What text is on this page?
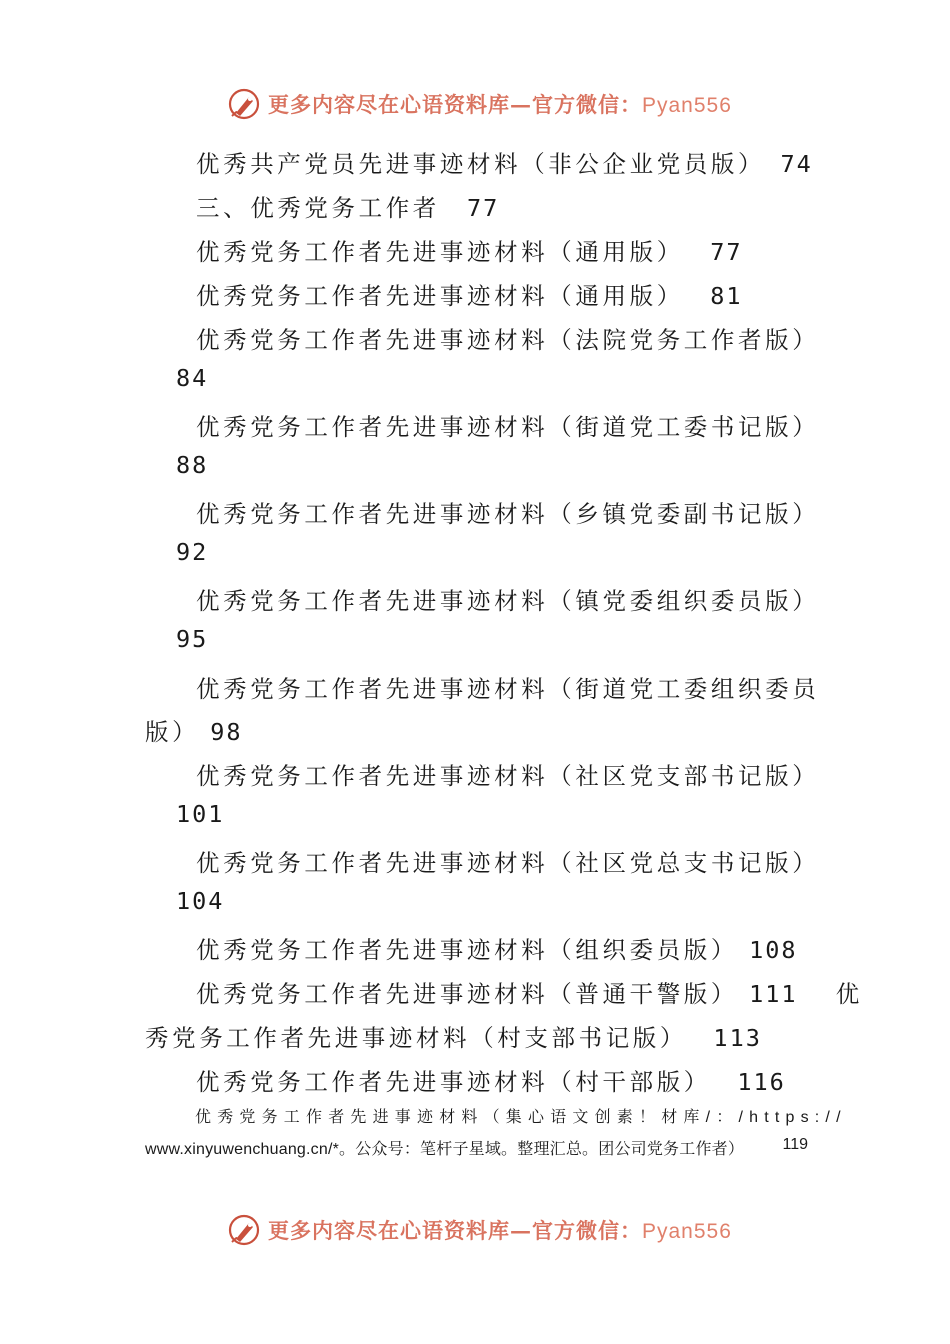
更多内容尽在心语资料库—官方微信：Pyan556
优秀共产党员先进事迹材料（非公企业党员版）　 74
三、优秀党务工作者　 77
优秀党务工作者先进事迹材料（通用版）　 77
优秀党务工作者先进事迹材料（通用版）　 81
优秀党务工作者先进事迹材料（法院党务工作者版）
84
优秀党务工作者先进事迹材料（街道党工委书记版）
88
优秀党务工作者先进事迹材料（乡镇党委副书记版）
92
优秀党务工作者先进事迹材料（镇党委组织委员版）
95
优秀党务工作者先进事迹材料（街道党工委组织委员
版） 98
优秀党务工作者先进事迹材料（社区党支部书记版）
101
优秀党务工作者先进事迹材料（社区党总支书记版）
104
优秀党务工作者先进事迹材料（组织委员版） 108
优秀党务工作者先进事迹材料（普通干警版） 111　 优
秀党务工作者先进事迹材料（村支部书记版）　 113
优秀党务工作者先进事迹材料（村干部版）　 116
优秀党务工作者先进事迹材料（集心语文创素！材库/：/https://
www.xinyuwenchuang.cn/*。公众号：笔杆子星域。整理汇总。团公司党务工作者） 119
更多内容尽在心语资料库—官方微信：Pyan556
